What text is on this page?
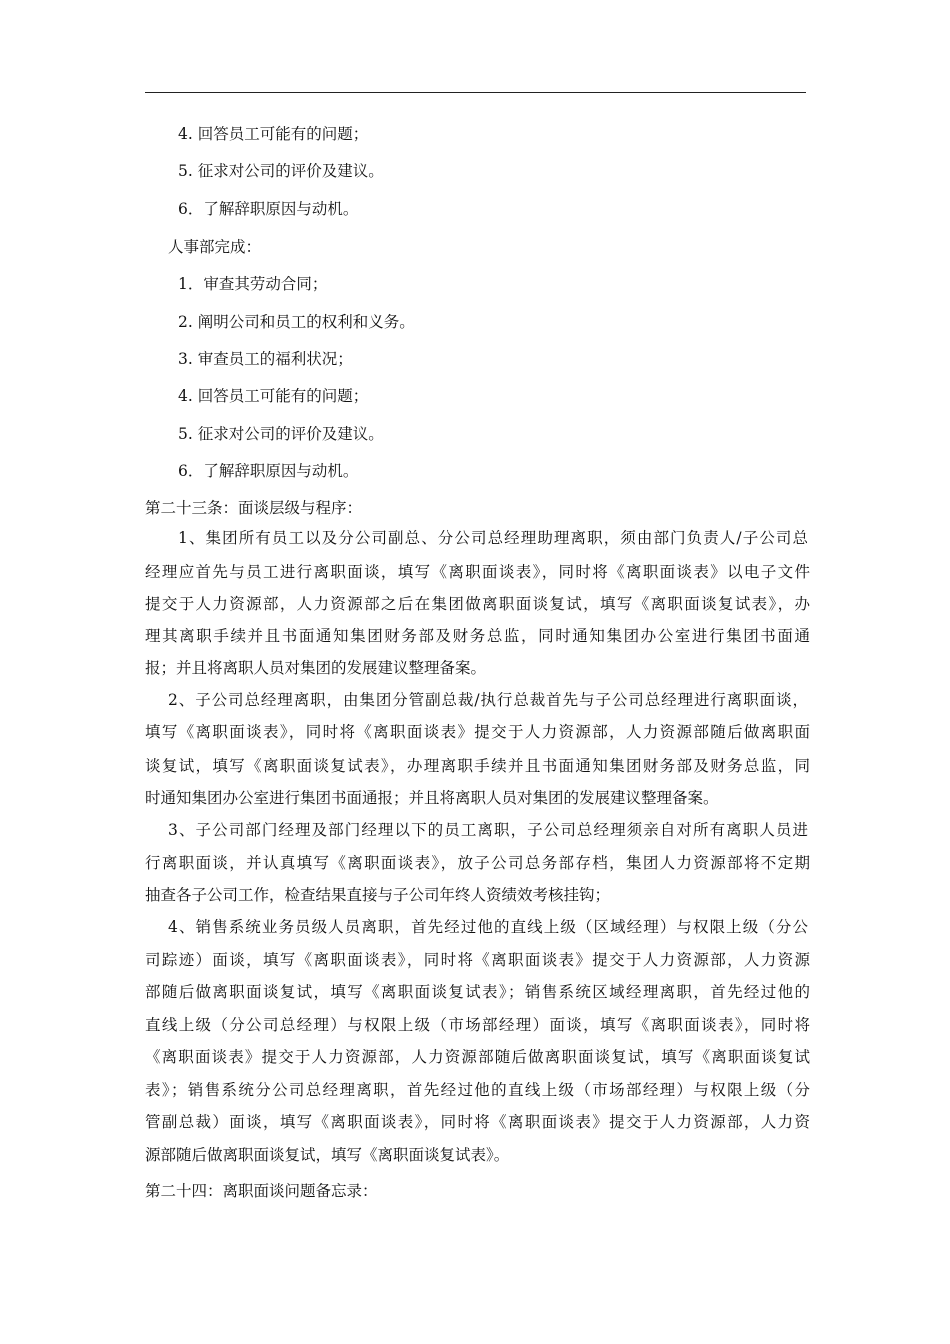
4. 回答员工可能有的问题；
5. 征求对公司的评价及建议。
6．了解辞职原因与动机。
人事部完成：
1．审查其劳动合同；
2. 阐明公司和员工的权利和义务。
3. 审查员工的福利状况；
4. 回答员工可能有的问题；
5. 征求对公司的评价及建议。
6．了解辞职原因与动机。
第二十三条：面谈层级与程序：
1、集团所有员工以及分公司副总、分公司总经理助理离职，须由部门负责人/子公司总
经理应首先与员工进行离职面谈，填写《离职面谈表》，同时将《离职面谈表》以电子文件
提交于人力资源部，人力资源部之后在集团做离职面谈复试，填写《离职面谈复试表》，办
理其离职手续并且书面通知集团财务部及财务总监，同时通知集团办公室进行集团书面通
报；并且将离职人员对集团的发展建议整理备案。
2、子公司总经理离职，由集团分管副总裁/执行总裁首先与子公司总经理进行离职面谈，
填写《离职面谈表》，同时将《离职面谈表》提交于人力资源部，人力资源部随后做离职面
谈复试，填写《离职面谈复试表》，办理离职手续并且书面通知集团财务部及财务总监，同
时通知集团办公室进行集团书面通报；并且将离职人员对集团的发展建议整理备案。
3、子公司部门经理及部门经理以下的员工离职，子公司总经理须亲自对所有离职人员进
行离职面谈，并认真填写《离职面谈表》，放子公司总务部存档，集团人力资源部将不定期
抽查各子公司工作，检查结果直接与子公司年终人资绩效考核挂钩；
4、销售系统业务员级人员离职，首先经过他的直线上级（区域经理）与权限上级（分公
司踪迹）面谈，填写《离职面谈表》，同时将《离职面谈表》提交于人力资源部，人力资源
部随后做离职面谈复试，填写《离职面谈复试表》；销售系统区域经理离职，首先经过他的
直线上级（分公司总经理）与权限上级（市场部经理）面谈，填写《离职面谈表》，同时将
《离职面谈表》提交于人力资源部，人力资源部随后做离职面谈复试，填写《离职面谈复试
表》；销售系统分公司总经理离职，首先经过他的直线上级（市场部经理）与权限上级（分
管副总裁）面谈，填写《离职面谈表》，同时将《离职面谈表》提交于人力资源部，人力资
源部随后做离职面谈复试，填写《离职面谈复试表》。
第二十四：离职面谈问题备忘录：
